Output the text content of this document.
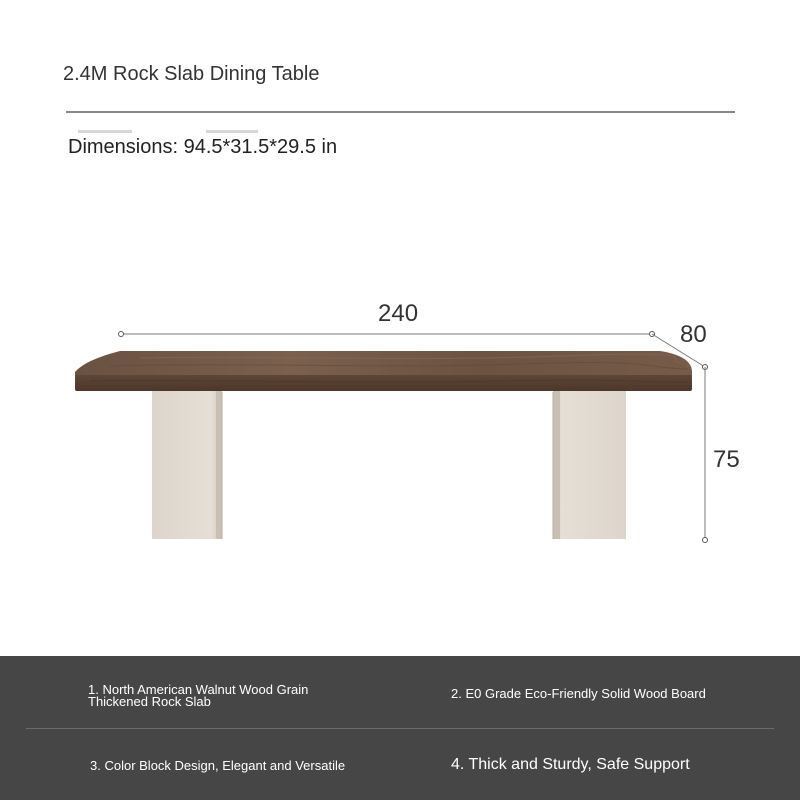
2.4M Rock Slab Dining Table
Dimensions: 94.5*31.5*29.5 in
240
80
75
1. North American Walnut Wood Grain
Thickened Rock Slab
2. E0 Grade Eco-Friendly Solid Wood Board
3. Color Block Design, Elegant and Versatile	4. Thick and Sturdy, Safe Support
